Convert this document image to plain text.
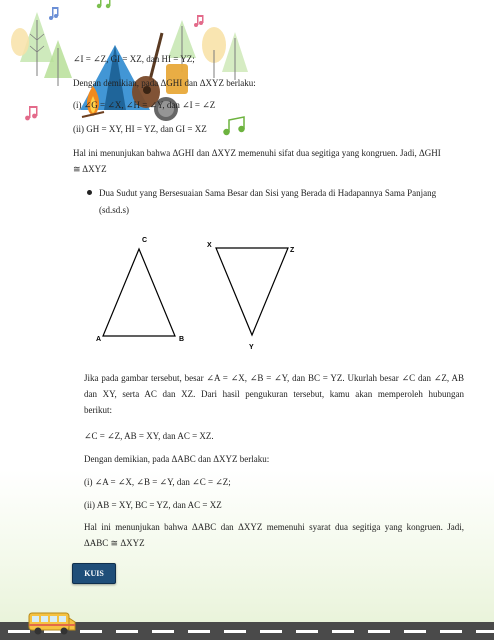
∠I = ∠Z, GI = XZ, dan HI = YZ;
Dengan demikian, pada ΔGHI dan ΔXYZ berlaku:
(i) ∠G = ∠X, ∠H = ∠Y, dan ∠I = ∠Z
(ii) GH = XY, HI = YZ, dan GI = XZ
Hal ini menunjukan bahwa ΔGHI dan ΔXYZ memenuhi sifat dua segitiga yang kongruen. Jadi, ΔGHI
≅ ΔXYZ
Dua Sudut yang Bersesuaian Sama Besar dan Sisi yang Berada di Hadapannya Sama Panjang
(sd.sd.s)
C
A	B
X
Z
Y
Jika pada gambar tersebut, besar ∠A = ∠X, ∠B = ∠Y, dan BC = YZ. Ukurlah besar ∠C dan ∠Z, AB
dan XY, serta AC dan XZ. Dari hasil pengukuran tersebut, kamu akan memperoleh hubungan
berikut:
∠C = ∠Z, AB = XY, dan AC = XZ.
Dengan demikian, pada ΔABC dan ΔXYZ berlaku:
(i) ∠A = ∠X, ∠B = ∠Y, dan ∠C = ∠Z;
(ii) AB = XY, BC = YZ, dan AC = XZ
Hal ini menunjukan bahwa ΔABC dan ΔXYZ memenuhi syarat dua segitiga yang kongruen. Jadi,
ΔABC ≅ ΔXYZ
KUIS
